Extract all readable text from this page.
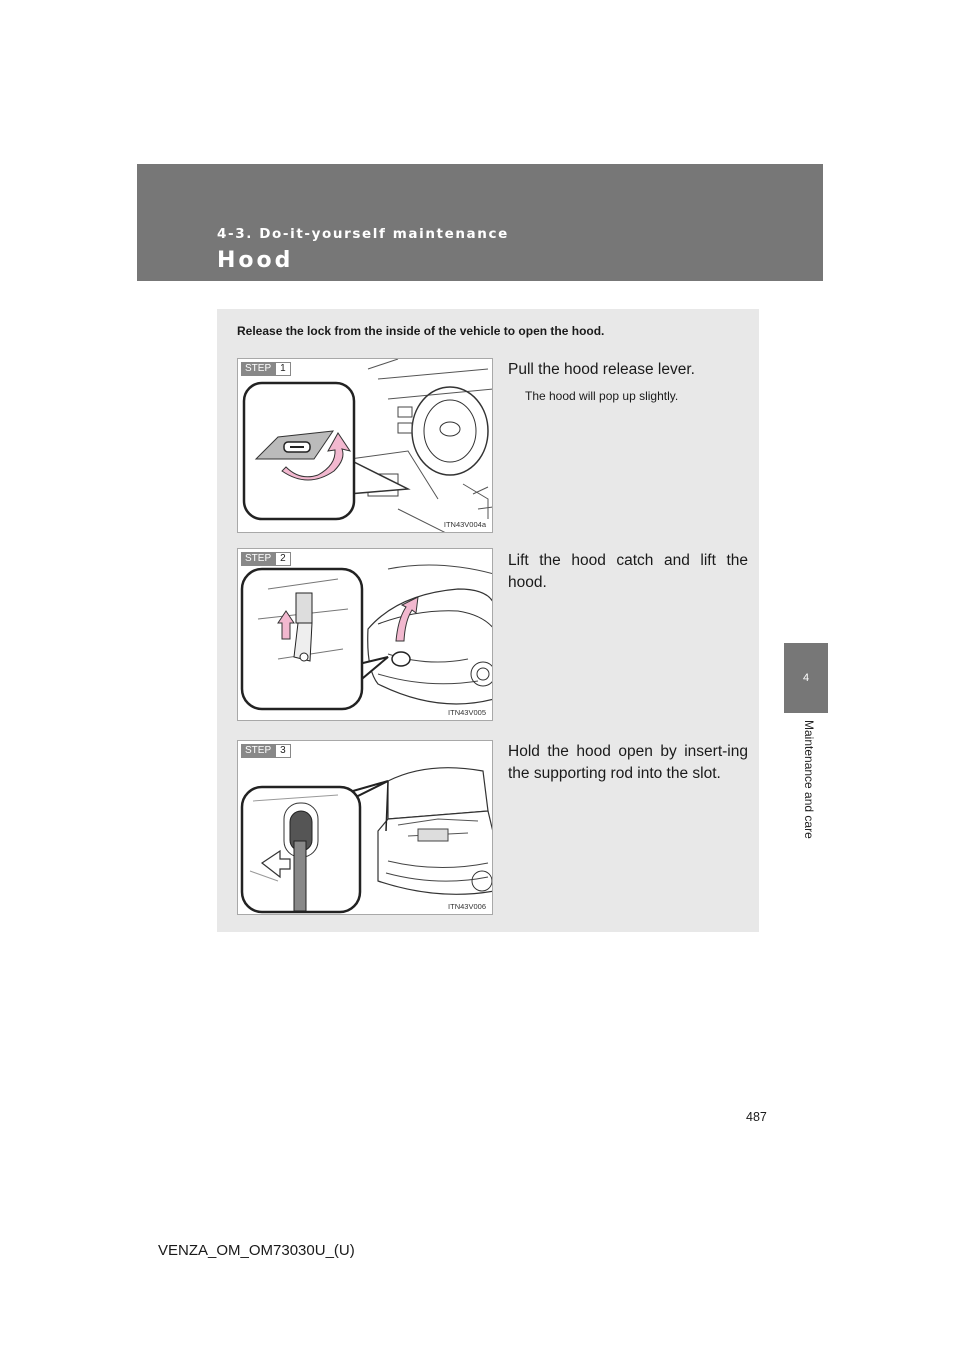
4-3. Do-it-yourself maintenance
Hood
4
Maintenance and care
Release the lock from the inside of the vehicle to open the hood.
STEP 1
ITN43V004a
Pull the hood release lever.
The hood will pop up slightly.
STEP 2
ITN43V005
Lift the hood catch and lift the hood.
STEP 3
ITN43V006
Hold the hood open by insert-ing the supporting rod into the slot.
487
VENZA_OM_OM73030U_(U)
